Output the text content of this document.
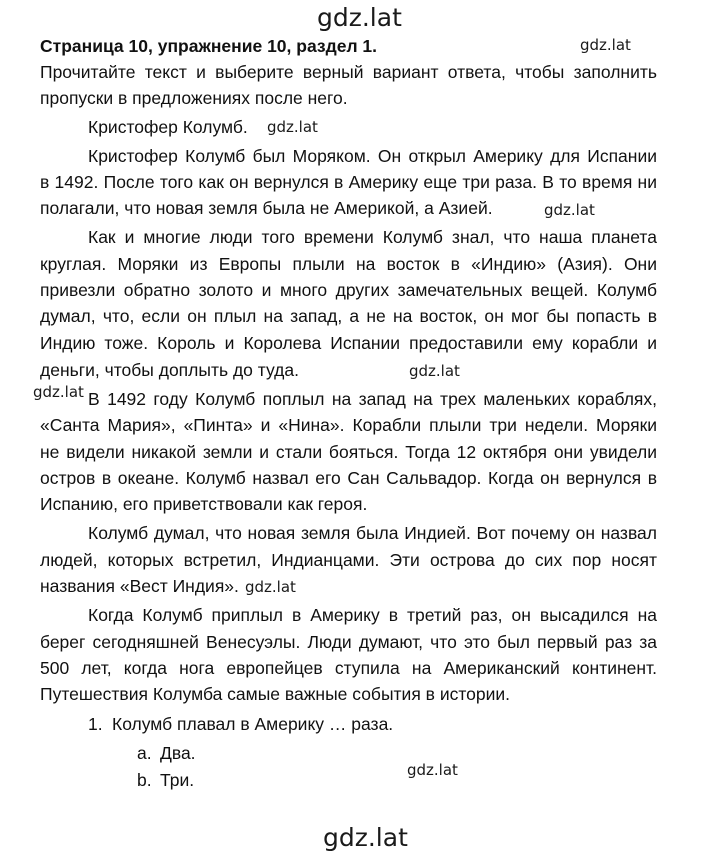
gdz.lat
gdz.lat
gdz.lat
gdz.lat
gdz.lat
gdz.lat
gdz.lat
gdz.lat
gdz.lat
Страница 10, упражнение 10, раздел 1.
Прочитайте текст и выберите верный вариант ответа, чтобы заполнить
пропуски в предложениях после него.
Кристофер Колумб.
Кристофер Колумб был Моряком. Он открыл Америку для Испании
в 1492. После того как он вернулся в Америку еще три раза. В то время ни
полагали, что новая земля была не Америкой, а Азией.
Как и многие люди того времени Колумб знал, что наша планета
круглая. Моряки из Европы плыли на восток в «Индию» (Азия). Они
привезли обратно золото и много других замечательных вещей. Колумб
думал, что, если он плыл на запад, а не на восток, он мог бы попасть в
Индию тоже. Король и Королева Испании предоставили ему корабли и
деньги, чтобы доплыть до туда.
В 1492 году Колумб поплыл на запад на трех маленьких кораблях,
«Санта Мария», «Пинта» и «Нина». Корабли плыли три недели. Моряки
не видели никакой земли и стали бояться. Тогда 12 октября они увидели
остров в океане. Колумб назвал его Сан Сальвадор. Когда он вернулся в
Испанию, его приветствовали как героя.
Колумб думал, что новая земля была Индией. Вот почему он назвал
людей, которых встретил, Индианцами. Эти острова до сих пор носят
названия «Вест Индия».
Когда Колумб приплыл в Америку в третий раз, он высадился на
берег сегодняшней Венесуэлы. Люди думают, что это был первый раз за
500 лет, когда нога европейцев ступила на Американский континент.
Путешествия Колумба самые важные события в истории.
1. Колумб плавал в Америку … раза.
a. Два.
b. Три.
